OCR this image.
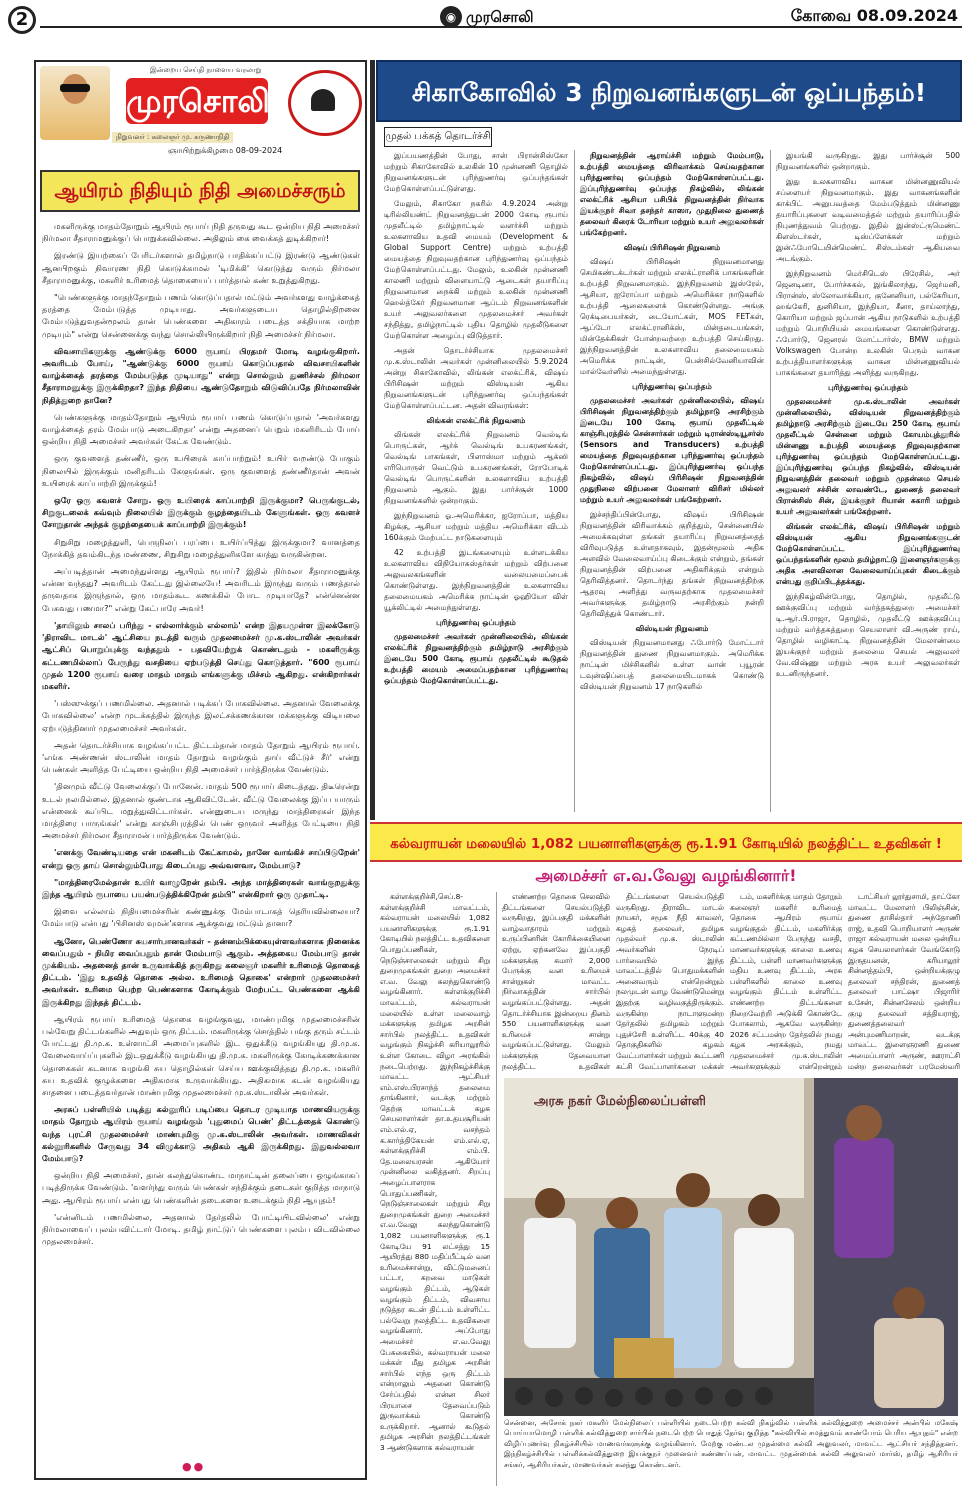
2	◉ முரசொலி	கோவை 08.09.2024
இன்றைய செய்தி நாளைய வரலாறு
முரசொலி
நிறுவனர் : கலைஞர் மு. கருணாநிதி
ஞாயிற்றுக்கிழமை 08-09-2024
ஆயிரம் நிதியும் நிதி அமைச்சரும்

மகளிருக்கு மாதம்தோறும் ஆயிரம் ரூபாய் நிதி தருவது கூட ஒன்றிய நிதி அமைச்சர் நிர்மலா சீதாராமனுக்குப் பொறுக்கவில்லை. அதிலும் கை வைக்கத் துடிக்கிறார்!

இரண்டு இயற்கைப் பேரிடர்களால் தமிழ்நாடு பாதிக்கப்பட்டு இரண்டு ஆண்டுகள் ஆனபிறகும் நிவாரண நிதி கொடுக்காமல் 'டிமிக்கி' கொடுத்து வரும் நிர்மலா சீதாராமனுக்கு, மகளிர் உரிமைத் தொகையைப் பார்த்தால் கண் உறுத்துகிறது.

"பெண்களுக்கு மாதந்தோறும் பணம் கொடுப்பதால் மட்டும் அவர்களது வாழ்க்கைத் தரத்தை மேம்படுத்த முடியாது. அவர்களுடைய தொழில்திறனை மேம்படுத்துவதன்மூலம் தான் பெண்களை அதிகாரம் படைத்த சக்தியாக மாற்ற முடியும்" என்று சென்னைக்கு வந்து சொல்லியிருக்கிறார் நிதி அமைச்சர் நிர்மலா.

விவசாயிகளுக்கு ஆண்டுக்கு 6000 ரூபாய் பிரதமர் மோடி வழங்குகிறார். அவரிடம் போய், "ஆண்டுக்கு 6000 ரூபாய் கொடுப்பதால் விவசாயிகளின் வாழ்க்கைத் தரத்தை மேம்படுத்த முடியாது" என்று சொல்லும் துணிச்சல் நிர்மலா சீதாராமனுக்கு இருக்கிறதா? இந்த நிதியை ஆண்டுதோறும் விடுவிப்பதே நிர்மலாவின் நிதித்துறை தானே?

பெண்களுக்கு மாதம்தோறும் ஆயிரம் ரூபாய் பணம் கொடுப்பதால் 'அவர்களது வாழ்க்கைத் தரம் மேம்பாடு அடைகிறதா' என்று அதனைப் பெறும் மகளிரிடம் போய் ஒன்றிய நிதி அமைச்சர் அவர்கள் கேட்க வேண்டும்.

ஒரு குவளைத் தண்ணீர், ஒரு உயிரைக் காப்பாற்றும்! உயிர் வறண்டு போகும் நிலையில் இருக்கும் மனிதரிடம் கேளுங்கள். ஒரு குவளைத் தண்ணீர்தான் அவன் உயிரைக் காப்பாற்றி இருக்கும்!

ஒரே ஒரு கவளச் சோறு. ஒரு உயிரைக் காப்பாற்றி இருக்குமா? பெருங்குடல், சிறுகுடலைக் கவ்வும் நிலையில் இருக்கும் குழந்தையிடம் கேளுங்கள். ஒரு கவளச் சோறுதான் அந்தக் குழந்தையைக் காப்பாற்றி இருக்கும்!

சிறுசிறு மழைத்துளி, பெருநிலப் பரப்பை உயிர்ப்பித்து இருக்குமா? வானத்தை நோக்கித் தவம்கிடந்த மண்ணை, சிறுசிறு மழைத்துளிகளே காத்து வருகின்றன.

அப்படித்தான் அமைந்துள்ளது ஆயிரம் ரூபாய்? இதில் நிர்மலா சீதாராமனுக்கு என்ன வந்தது? அவரிடம் கேட்டது இல்லையே! அவரிடம் இருந்து வரும் பணத்தால் தருவதாக இருந்தால், ஒரு மாதம்கூட கணக்கில் போட முடியாதே? என்னென்ன பேசுவது பணமா?" என்று கேட்பாரே அவர்!

'தாயிலும் சாலப் பரிந்து - எல்லார்க்கும் எல்லாம்' என்ற இதயமுள்ள இலக்கோடு 'திராவிட மாடல்' ஆட்சியை நடத்தி வரும் முதலமைச்சர் மு.க.ஸ்டாலின் அவர்கள் ஆட்சிப் பொறுப்புக்கு வந்ததும் - பதவியேற்றுக் கொண்டதும் - மகளிருக்கு கட்டணமில்லாப் பேருந்து வசதியை ஏற்படுத்தி செய்து கொடுத்தார். "600 ரூபாய் முதல் 1200 ரூபாய் வரை மாதம் மாதம் எங்களுக்கு மிச்சம் ஆகிறது. என்கிறார்கள் மகளிர்.

'பஸ்ஸுக்குப் பணமில்லை. அதனால் படிக்கப் போகவில்லை. அதனால் வேலைக்கு போகவில்லை' என்ற முடக்கத்தில் இருந்த இலட்சக்கணக்கான மக்களுக்கு விடியலை ஏற்படுத்தினார் முதலமைச்சர் அவர்கள்.

அதன் தொடர்ச்சியாக வழங்கப்பட்ட திட்டம்தான் மாதம் தோறும் ஆயிரம் ரூபாய். 'எங்க அண்ணன் ஸ்டாலின் மாதம் தோறும் வழங்கும் தாய் வீட்டுச் சீர்' என்று பெண்கள் அளித்த பேட்டியை ஒன்றிய நிதி அமைச்சர் பார்த்திருக்க வேண்டும்.

'தினமும் வீட்டு வேலைக்குப் போனேன். மாதம் 500 ரூபாய் கிடைத்தது. திடீரென்று உடல் நலமில்லை. இதனால் குண்டாக ஆகிவிட்டேன். வீட்டு வேலைக்கு இப்ப யாரும் என்னைக் கூப்பிட மறுத்துவிட்டார்கள். என்னுடைய மருந்து மாத்திரைகள் இந்த மாத்திரை பாருங்கள்' என்று காஞ்சிபுரத்தில் பெண் ஒருவர் அளித்த பேட்டியை நிதி அமைச்சர் நிர்மலா சீதாராமன் பார்த்திருக்க வேண்டும்.

'எனக்கு வேண்டியதை என் மகனிடம் கேட்காமல், நானே வாங்கிச் சாப்பிடுறேன்' என்று ஒரு தாய் சொல்லும்போது கிடைப்பது அவ்வளவா, மேம்பாடு?

"மாத்திரைமேல்தான் உயிர் வாழுறேன் தம்பி. அந்த மாத்திரைகள் வாங்குறதுக்கு இந்த ஆயிரம் ரூபாயை பயன்படுத்திக்கிறேன் தம்பி" என்கிறார் ஒரு முதாட்டி.

இவை எல்லாம் நிதியமைச்சரின் கண்ணுக்கு மேம்பாடாகத் தெரியவில்லையா? மேம்பாடு என்பது 'பிசினஸ் வுமன்'களாக ஆக்குவது மட்டும் தானா?

ஆனோ, பெண்ணோ சுயசார்பானவர்கள் - தன்னம்பிக்கையுள்ளவர்களாக நினைக்க வைப்பதும் - நிமிர வைப்பதும் தான் மேம்பாடு ஆகும். அத்தகைய மேம்பாடு தான் முக்கியம். அதனைத் தான் உருவாக்கித் தருகிறது கலைஞர் மகளிர் உரிமைத் தொகைத் திட்டம். 'இது உதவித் தொகை அல்ல. உரிமைத் தொகை' என்றார் முதலமைச்சர் அவர்கள். உரிமை பெற்ற பெண்களாக கோடிக்கும் மேற்பட்ட பெண்களை ஆக்கி இருக்கிறது இந்தத் திட்டம்.

ஆயிரம் ரூபாய் உரிமைத் தொகை வழங்குவது, மாண்புமிகு முதலமைச்சரின் பல்வேறு திட்டங்களில் அதுவும் ஒரு திட்டம். மகளிருக்கு சொத்தில் பங்கு தரும் சட்டம் போட்டது தி.மு.க. உள்ளாட்சி அமைப்புகளில் இட ஒதுக்கீடு வழங்கியது தி.மு.க. வேலைவாய்ப்புகளில் இடஒதுக்கீடு வழங்கியது தி.மு.க. மகளிருக்கு கோடிக்கணக்கான தொகைகள் கடனாக வழங்கி சுய தொழில்கள் செய்ய ஊக்குவித்தது தி.மு.க. மகளிர் சுய உதவிக் குழுக்களை அதிகமாக உருவாக்கியது. அதிகமாக கடன் வழங்கியது சாதனை படைத்தவர்தான் மாண்புமிகு முதலமைச்சர் மு.க.ஸ்டாலின் அவர்கள்.

அரசுப் பள்ளியில் படித்து கல்லூரிப் படிப்பை தொடர முடியாத மாணவியருக்கு மாதம் தோறும் ஆயிரம் ரூபாய் வழங்கும் 'புதுமைப் பெண்' திட்டத்தைக் கொண்டு வந்த புரட்சி முதலமைச்சர் மாண்புமிகு மு.க.ஸ்டாலின் அவர்கள். மாணவிகள் கல்லூரிகளில் சேருவது 34 விழுக்காடு அதிகம் ஆகி இருக்கிறது. இதுவல்லவா மேம்பாடு?

ஒன்றிய நிதி அமைச்சர், தான் கலந்துகொண்ட மாநாட்டின் தலைப்பை ஒழுங்காகப் படித்திருக்க வேண்டும். 'வளர்ந்து வரும் பெண்கள் சந்திக்கும் தடைகள் குறித்த மாநாடு அது. ஆயிரம் ரூபாய் என்பது பெண்களின் தடைகளை உடைக்கும் நிதி ஆயுதம்!

'என்னிடம் பணமில்லை, அதனால் தேர்தலில் போட்டியிடவில்லை' என்று நிர்மலாவைப் புலம்பவிட்டார் மோடி. தமிழ் நாட்டுப் பெண்களை புலம்ப விடவில்லை முதலமைச்சர்.

●●
சிகாகோவில் 3 நிறுவனங்களுடன் ஒப்பந்தம்!
முதல் பக்கத் தொடர்ச்சி

இப்பயணத்தின் போது, சான் பிரான்சிஸ்கோ மற்றும் சிகாகோவில் உலகின் 10 முன்னணி தொழில் நிறுவனங்களுடன் புரிந்துணர்வு ஒப்பந்தங்கள் மேற்கொள்ளப்பட்டுள்ளது.

மேலும், சிகாகோ நகரில் 4.9.2024 அன்று டிரில்லியண்ட் நிறுவனத்துடன் 2000 கோடி ரூபாய் முதலீட்டில் தமிழ்நாட்டில் வளர்ச்சி மற்றும் உலகளாவிய உதவி மையம் (Development & Global Support Centre) மற்றும் உற்பத்தி மையத்தை நிறுவுவதற்கான புரிந்துணர்வு ஒப்பந்தம் மேற்கொள்ளப்பட்டது. மேலும், உலகின் முன்னணி காலணி மற்றும் விளையாட்டு ஆடைகள் தயாரிப்பு நிறுவனமான நைக்கி மற்றும் உலகின் முன்னணி ஹெல்த்கேர் நிறுவனமான ஆப்டம் நிறுவனங்களின் உயர் அலுவலர்களை முதலமைச்சர் அவர்கள் சந்தித்து, தமிழ்நாட்டில் புதிய தொழில் முதலீடுகளை மேற்கொள்ள அழைப்பு விடுத்தார்.

அதன் தொடர்ச்சியாக முதலமைச்சர் மு.க.ஸ்டாலின் அவர்கள் முன்னிலையில் 5.9.2024 அன்று சிகாகோவில், லிங்கன் எலக்ட்ரிக், விஷய் பிரிசிஷன் மற்றும் விஸ்டியன் ஆகிய நிறுவனங்களுடன் புரிந்துணர்வு ஒப்பந்தங்கள் மேற்கொள்ளப்பட்டன. அதன் விவரங்கள்:

லிங்கன் எலக்ட்ரிக் நிறுவனம்

லிங்கன் எலக்ட்ரிக் நிறுவனம் வெல்டிங் பொருட்கள், ஆர்க் வெல்டிங் உபகரணங்கள், வெல்டிங் பாகங்கள், பிளாஸ்மா மற்றும் ஆக்ஸி எரிபொருள் வெட்டும் உபகரணங்கள், ரோபோடிக் வெல்டிங் பொருட்களின் உலகளாவிய உற்பத்தி நிறுவனம் ஆகும். இது பார்ச்சூன் 1000 நிறுவனங்களில் ஒன்றாகும்.

இந்நிறுவனம் ஓ.அமெரிக்கா, ஐரோப்பா, மத்திய கிழக்கு, ஆசியா மற்றும் மத்திய அமெரிக்கா விடம் 160க்கும் மேற்பட்ட நாடுகளையும்

42 உற்பத்தி இடங்களையும் உள்ளடக்கிய உலகளாவிய விநியோகஸ்தர்கள் மற்றும் விற்பனை அலுவலகங்களின் வலையமைப்பைக் கொண்டுள்ளது. இந்நிறுவனத்தின் உலகளாவிய தலைமையகம் அமெரிக்க நாட்டின் ஓஹியோ விள் யூக்லிட்டில் அமைந்துள்ளது.

புரிந்துணர்வு ஒப்பந்தம்

முதலமைச்சர் அவர்கள் முன்னிலையில், லிங்கன் எலக்ட்ரிக் நிறுவனத்திற்கும் தமிழ்நாடு அரசிற்கும் இடையே 500 கோடி ரூபாய் முதலீட்டில் கூடுதல் உற்பத்தி மையம் அமைப்பதற்கான புரிந்துணர்வு ஒப்பந்தம் மேற்கொள்ளப்பட்டது.

நிறுவனத்தின் ஆராய்ச்சி மற்றும் மேம்பாடு, உற்பத்தி மையத்தை விரிவாக்கம் செய்வதற்கான புரிந்துணர்வு ஒப்பந்தம் மேற்கொள்ளப்பட்டது. இப்புரிந்துணர்வு ஒப்பந்த நிகழ்வில், லிங்கன் எலக்ட்ரிக் ஆசியா பசிபிக் நிறுவனத்தின் நிர்வாக இயக்குநர் சிவா தசந்தர் காஸா, முதுநிலை துணைத் தலைவர் கிரைக் டோரியா மற்றும் உயர் அலுவலர்கள் பங்கேற்றனர்.

விஷய் பிரிசிஷன் நிறுவனம்

விஷய் பிரிசிஷன் நிறுவனமானது செமிகண்டக்டர்கள் மற்றும் எலக்ட்ரானிக் பாகங்களின் உற்பத்தி நிறுவனமாகும். இந்நிறுவனம் இஸ்ரேல், ஆசியா, ஐரோப்பா மற்றும் அமெரிக்கா நாடுகளில் உற்பத்தி ஆலைகளைக் கொண்டுள்ளது. அங்கு ரெக்டிபையர்கள், டையோட்கள், MOS FETகள், ஆப்டோ எலக்ட்ரானிக்ஸ், மின்தடையங்கள், மின்தேக்கிகள் போன்றவற்றை உற்பத்தி செய்கிறது. இந்நிறுவனத்தின் உலகளாவிய தலைமையகம் அமெரிக்க நாட்டின், பென்சில்வேனியாவின் மால்வேர்னில் அமைந்துள்ளது.

புரிந்துணர்வு ஒப்பந்தம்

முதலமைச்சர் அவர்கள் முன்னிலையில், விஷய் பிரிசிஷன் நிறுவனத்திற்கும் தமிழ்நாடு அரசிற்கும் இடையே 100 கோடி ரூபாய் முதலீட்டில் காஞ்சிபுரத்தில் சென்சார்கள் மற்றும் டிரான்ஸ்டியூசர்ஸ் (Sensors and Transducers) உற்பத்தி மையத்தை நிறுவுவதற்கான புரிந்துணர்வு ஒப்பந்தம் மேற்கொள்ளப்பட்டது. இப்புரிந்துணர்வு ஒப்பந்த நிகழ்வில், விஷய் பிரிசிஷன் நிறுவனத்தின் முதுநிலை விற்பனை மேலாளர் விரிசர் மில்லர் மற்றும் உயர் அலுவலர்கள் பங்கேற்றனர்.

இச்சந்திப்பின்போது, விஷய் பிரிசிஷன் நிறுவனத்தின் விரிவாக்கம் குறித்தும், சென்னையில் அமைக்கவுள்ள தங்கள் தயாரிப்பு நிறுவனத்தைத் விரிவுபடுத்த உள்ளதாகவும், இதன்மூலம் அதிக அளவில் வேலைவாய்ப்பு கிடைக்கும் என்றும், தங்கள் நிறுவனத்தின் விற்பனை அதிகரிக்கும் என்றும் தெரிவித்தனர். தொடர்ந்து தங்கள் நிறுவனத்திற்கு ஆதரவு அளித்து வருவதற்காக முதலமைச்சர் அவர்களுக்கு தமிழ்நாடு அரசிற்கும் நன்றி தெரிவித்துக் கொண்டார்.

விஸ்டியன் நிறுவனம்

விஸ்டியன் நிறுவனமானது ஃபோர்டு மோட்டார் நிறுவனத்தின் துணை நிறுவனமாகும். அமெரிக்க நாட்டின் மிச்சிகனில் உள்ள வான் புயூரன் டவுன்ஷிப்பைத் தலைமையிடமாகக் கொண்டு விஸ்டியன் நிறுவனம் 17 நாடுகளில்

இயங்கி வருகிறது. இது பார்ச்சூன் 500 நிறுவனங்களில் ஒன்றாகும்.

இது உலகளாவிய வாகன மின்னணுவியல் சப்ளையர் நிறுவனமாகும். இது வாகனங்களின் காக்பிட் அனுபவத்தை மேம்படுத்தும் மின்னணு தயாரிப்புகளை வடிவமைத்தல் மற்றும் தயாரிப்பதில் நிபுணத்துவம் பெற்றது. இதில் இன்ஸ்ட்ருமெண்ட் கிளஸ்டர்கள், டிஸ்ப்ளேக்கள் மற்றும் இன்ஃபோடெயின்மெண்ட் சிஸ்டம்கள் ஆகியவை அடங்கும்.

இந்நிறுவனம் மெர்சிடெஸ் பிரேசில், அர் ஜெனடினா, போர்ச்சுகல், இங்கிலாந்து, ஜெர்மனி, பிரான்ஸ், ஸ்லோவாக்கியா, குனேனியா, பல்கேரியா, ஹங்கேரி, துனிசியா, இந்தியா, சீனா, தாய்லாந்து, கொரியா மற்றும் ஜப்பான் ஆகிய நாடுகளில் உற்பத்தி மற்றும் பொறியியல் மையங்களை கொண்டுள்ளது. ஃபோர்டு, ஜெனரல் மோட்டார்ஸ், BMW மற்றும் Volkswagen போன்ற உலகின் பெரும் வாகன உற்பத்தியாளர்களுக்கு வாகன மின்னணுவியல் பாகங்களை தயாரித்து அளித்து வருகிறது.

புரிந்துணர்வு ஒப்பந்தம்

முதலமைச்சர் மு.க.ஸ்டாலின் அவர்கள் முன்னிலையில், விஸ்டியன் நிறுவனத்திற்கும் தமிழ்நாடு அரசிற்கும் இடையே 250 கோடி ரூபாய் முதலீட்டில் சென்னை மற்றும் கோயம்புத்தூரில் மின்னணு உற்பத்தி மையத்தை நிறுவுவதற்கான புரிந்துணர்வு ஒப்பந்தம் மேற்கொள்ளப்பட்டது. இப்புரிந்துணர்வு ஒப்பந்த நிகழ்வில், விஸ்டியன் நிறுவனத்தின் தலைவர் மற்றும் முதன்மை செயல் அலுவலர் சச்சின் லாவண்டே, துணைத் தலைவர் பிரான்சிஸ் சின், இயக்குநர் ரியான் சுகாரி மற்றும் உயர் அலுவலர்கள் பங்கேற்றனர்.

லிங்கன் எலக்ட்ரிக், விஷய் பிரிசிஷன் மற்றும் விஸ்டியன் ஆகிய நிறுவனங்களுடன் மேற்கொள்ளப்பட்ட இப்புரிந்துணர்வு ஒப்பந்தங்களின் மூலம் தமிழ்நாட்டு இளைஞர்களுக்கு அதிக அளவிலான வேலைவாய்ப்புகள் கிடைக்கும் என்பது குறிப்பிடத்தக்கது.

இந்நிகழ்வின்போது, தொழில், முதலீட்டு ஊக்குவிப்பு மற்றும் வர்த்தகத்துறை அமைச்சர் டி.ஆர்.பி.ராஜா, தொழில், முதலீட்டு ஊக்குவிப்பு மற்றும் வர்த்தகத்துறை செயலாளர் வி.அருண் ராய், தொழில் வழிகாட்டி நிறுவனத்தின் மேலாண்மை இயக்குநர் மற்றும் தலைமை செயல் அலுவலர் வே.விஷ்ணு மற்றும் அரசு உயர் அலுவலர்கள் உடனிருந்தனர்.

கல்வராயன் மலையில் 1,082 பயனாளிகளுக்கு ரூ.1.91 கோடியில் நலத்திட்ட உதவிகள் !
அமைச்சர் எ.வ.வேலு வழங்கினார்!

கள்ளக்குறிச்சி,செப்.8- கள்ளக்குறிச்சி மாவட்டம், கல்வராயன் மலையில் 1,082 பயனாளிகளுக்கு ரூ.1.91 கோடியில் நலத்திட்ட உதவிகளை பொதுப்பணிகள், நெடுஞ்சாலைகள் மற்றும் சிறு துறைமுகங்கள் துறை அமைச்சர் எ.வ. வேலு கலந்துகொண்டு வழங்கினார். கள்ளக்குறிச்சி மாவட்டம், கல்வராயன் மலையில் உள்ள மலைவாழ் மக்களுக்கு தமிழக அரசின் சார்பில் நலத்திட்ட உதவிகள் வழங்கும் நிகழ்ச்சி கரியாலூரில் உள்ள கோடை விழா அரங்கில் நடைபெற்றது. இந்நிகழ்ச்சிக்கு மாவட்ட ஆட்சியர் எம்.எஸ்.பிரசாந்த் தலைமை தாங்கினார், வடக்கு மற்றும் தெற்கு மாவட்டக் கழக செயலாளர்கள் தா.உதயசூரியன் எம்.எல்.ஏ, வசந்தம் க.கார்த்திகேயன் எம்.எல்.ஏ, கள்ளக்குறிச்சி எம்.பி. தே.மலையரசன் ஆகியோர் முன்னிலை வகித்தனர். சிறப்பு அழைப்பாளராக பொதுப்பணிகள், நெடுஞ்சாலைகள் மற்றும் சிறு துறைமுகங்கள் துறை அமைச்சர் எ.வ.வேலு கலந்துகொண்டு 1,082 பயனாளிகளுக்கு ரூ.1 கோடியே 91 லட்சத்து 15 ஆயிரத்து 880 மதிப்பீட்டில் வன உரிமைச்சான்று, விட்டுமனைப் பட்டா, கறவை மாடுகள் வழங்கும் திட்டம், ஆடுகள் வழங்கும் திட்டம், விவசாய நடுத்தர கடன் திட்டம் உள்ளிட்ட பல்வேறு நலத்திட்ட உதவிகளை வழங்கினார். அப்போது அமைச்சர் எ.வ.வேலு பேசுகையில், கல்வராயன் மலை மக்கள் மீது தமிழக அரசின் சார்பில் எந்த ஒரு திட்டம் என்றாலும் அதனை கொண்டு சேர்ப்பதில் என்ன சிலர் பிரயாசை தேவைப்படும் இருவாக்கம் கொண்டு உருக்கிறார். ஆனால் கூடுதல் தமிழக அரசின் நலத்திட்டங்கள் 3 ஆண்டுகளாக கல்வராயன்

எண்ணற்ற தொகை செலவில் திட்டங்களை செயல்படுத்தி வருகிறது, இப்பகுதி மக்களின் வாழ்வாதாரம் மற்றும் உருப்பினரின் கோரிக்கையினை ஏற்று, ஏற்கனவே இப்பகுதி மக்களுக்கு சுமார் 2,000 பேருக்கு வன உரிமைச் சான்றுகள் மாவட்ட நிர்வாகத்தின் சார்பில் வழங்கப்பட்டுள்ளது. அதன் தொடர்ச்சியாக இன்றைய தினம் 550 பயனாளிகளுக்கு வன உரிமைச் சான்று வழங்கப்பட்டுள்ளது. மேலும் மக்களுக்கு தேவையான நலத்திட்ட உதவிகள்

திட்டங்களை செயல்படுத்தி வருகிறது. திராவிட மாடல் நாயகர், சமூக நீதி காவலர், கழகத் தலைவர், தமிழக முதல்வர் மு.க. ஸ்டாலின் அவர்களின் நேரடிப் பார்வையில் இந்த மாவட்டத்தில் பொதுமக்களின் அனைவரும் என்றென்றும் நலமுடன் வாழ வேண்டுமென்று இதற்கு வழிவகுத்திருக்கும். வருகின்ற நாடாளுமன்ற தேர்தலில் தமிழகம் மற்றும் புதுச்சேரி உள்ளிட்ட 40க்கு 40 தொகுதிகளில் கழகம் வேட்பாளர்கள் மற்றும் கூட்டணி கட்சி வேட்பாளர்களை மக்கள்

டம், மகளிர்க்கு மாதம் தோறும் கலைஞர் மகளிர் உரிமைத் தொகை ஆயிரம் ரூபாய் வழங்குதல் திட்டம், மகளிர்க்கு கட்டணமில்லா பேருந்து வசதி, மாணவர்களுக்கு காலை உணவு திட்டம், பள்ளி மாணவர்களுக்கு மதிய உணவு திட்டம், அரசு பள்ளிகளில் காலை உணவு வழங்கும் திட்டம் உள்ளிட்ட எண்ணற்ற திட்டங்களை நிறைவேற்றி அடுக்கி கொண்டே போகலாம், ஆகவே வருகின்ற 2026 சட்டமன்ற தேர்தலில் நமது கழக அரசுக்கும், நமது முதலமைச்சர் மு.க.ஸ்டாலின் அவர்களுக்கும் என்றென்றும்

டாட்சியர் லூர்துசாமி, தாட்கோ மாவட்ட மேலாளர் பிலிஞ்சின், துணை தாசில்தார் அந்தோணி ராஜ், உதவி பொறியாளர் அருண் ராஜா கல்வராயன் மலை ஒன்றிய கழக செயலாளர்கள் வேங்கோடு இருதயனன், கரியாலூர் சின்னத்தம்பி, ஒன்றியக்குழு தலைவர் சந்திரன், துணைத் தலைவர் பாட்ஷா பிஜாரிர் உசேன், சின்னசேலம் ஒன்றிய குழு தலைவர் சத்தியராஜ், துணைத்தலைவர் அன்புமணிமாறன், வடக்கு மாவட்ட இளைஞரணி துணை அமைப்பாளர் அருண், ஊராட்சி மன்ற தலைவர்கள் பரமேஸ்வரி

அரசு நகர் மேல்நிலைப்பள்ளி
சென்னை, அசோக் நகர் மகளிர் மேல்நிலைப் பள்ளியில் நடைபெற்ற கல்வி நிகழ்வில் பள்ளிக் கல்வித்துறை அமைச்சர் அன்பில் மகேஷ் பொய்யாமொழி பள்ளிக் கல்வித்துறை சார்பில் நடைபெற்ற பொதுத் தேர்வு குறித்த "கல்வியில் சமத்துவம் காண்போம் பெரிய ஆயுதம்" என்ற விழிப்புணர்வு நிகழ்ச்சியில் மாணவர்களுக்கு வழங்கினார். மேற்கு மண்டல முதன்மை கல்வி அலுவலர், மாவட்ட ஆட்சியர் சந்தித்தனர். இந்நிகழ்ச்சியில் பள்ளிக்கல்வித்துறை இயக்குநர் முனைவர் கண்ணப்பன், மாவட்ட முதன்மைக் கல்வி அலுவலர் மார்ஸ், தமிழ் ஆசிரியர் சங்கர், ஆசிரியர்கள், மாணவர்கள் கலந்து கொண்டனர்.
